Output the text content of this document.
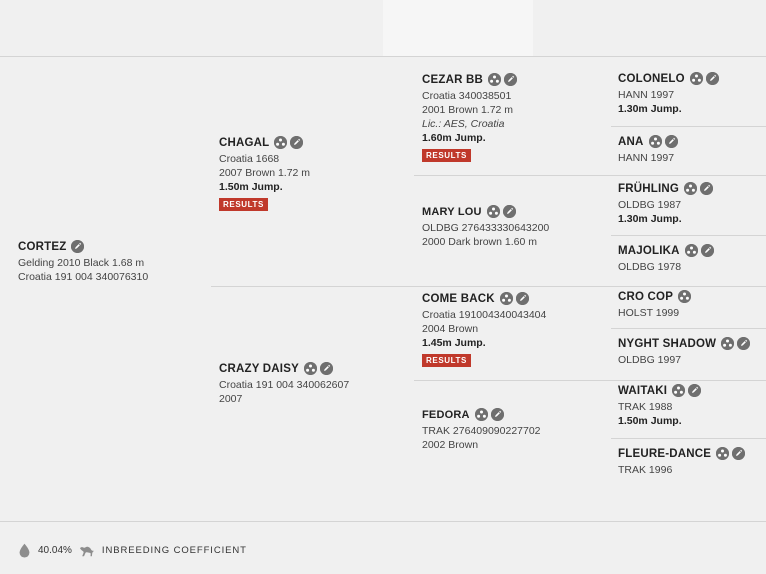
CORTEZ
Gelding 2010 Black 1.68 m
Croatia 191 004 340076310
CHAGAL
Croatia 1668
2007 Brown 1.72 m
1.50m Jump.
RESULTS
CRAZY DAISY
Croatia 191 004 340062607
2007
CEZAR BB
Croatia 340038501
2001 Brown 1.72 m
Lic.: AES, Croatia
1.60m Jump.
RESULTS
MARY LOU
OLDBG 276433330643200
2000 Dark brown 1.60 m
COME BACK
Croatia 191004340043404
2004 Brown
1.45m Jump.
RESULTS
FEDORA
TRAK 276409090227702
2002 Brown
COLONELO
HANN 1997
1.30m Jump.
ANA
HANN 1997
FRÜHLING
OLDBG 1987
1.30m Jump.
MAJOLIKA
OLDBG 1978
CRO COP
HOLST 1999
NYGHT SHADOW
OLDBG 1997
WAITAKI
TRAK 1988
1.50m Jump.
FLEURE-DANCE
TRAK 1996
40.04%	INBREEDING COEFFICIENT
